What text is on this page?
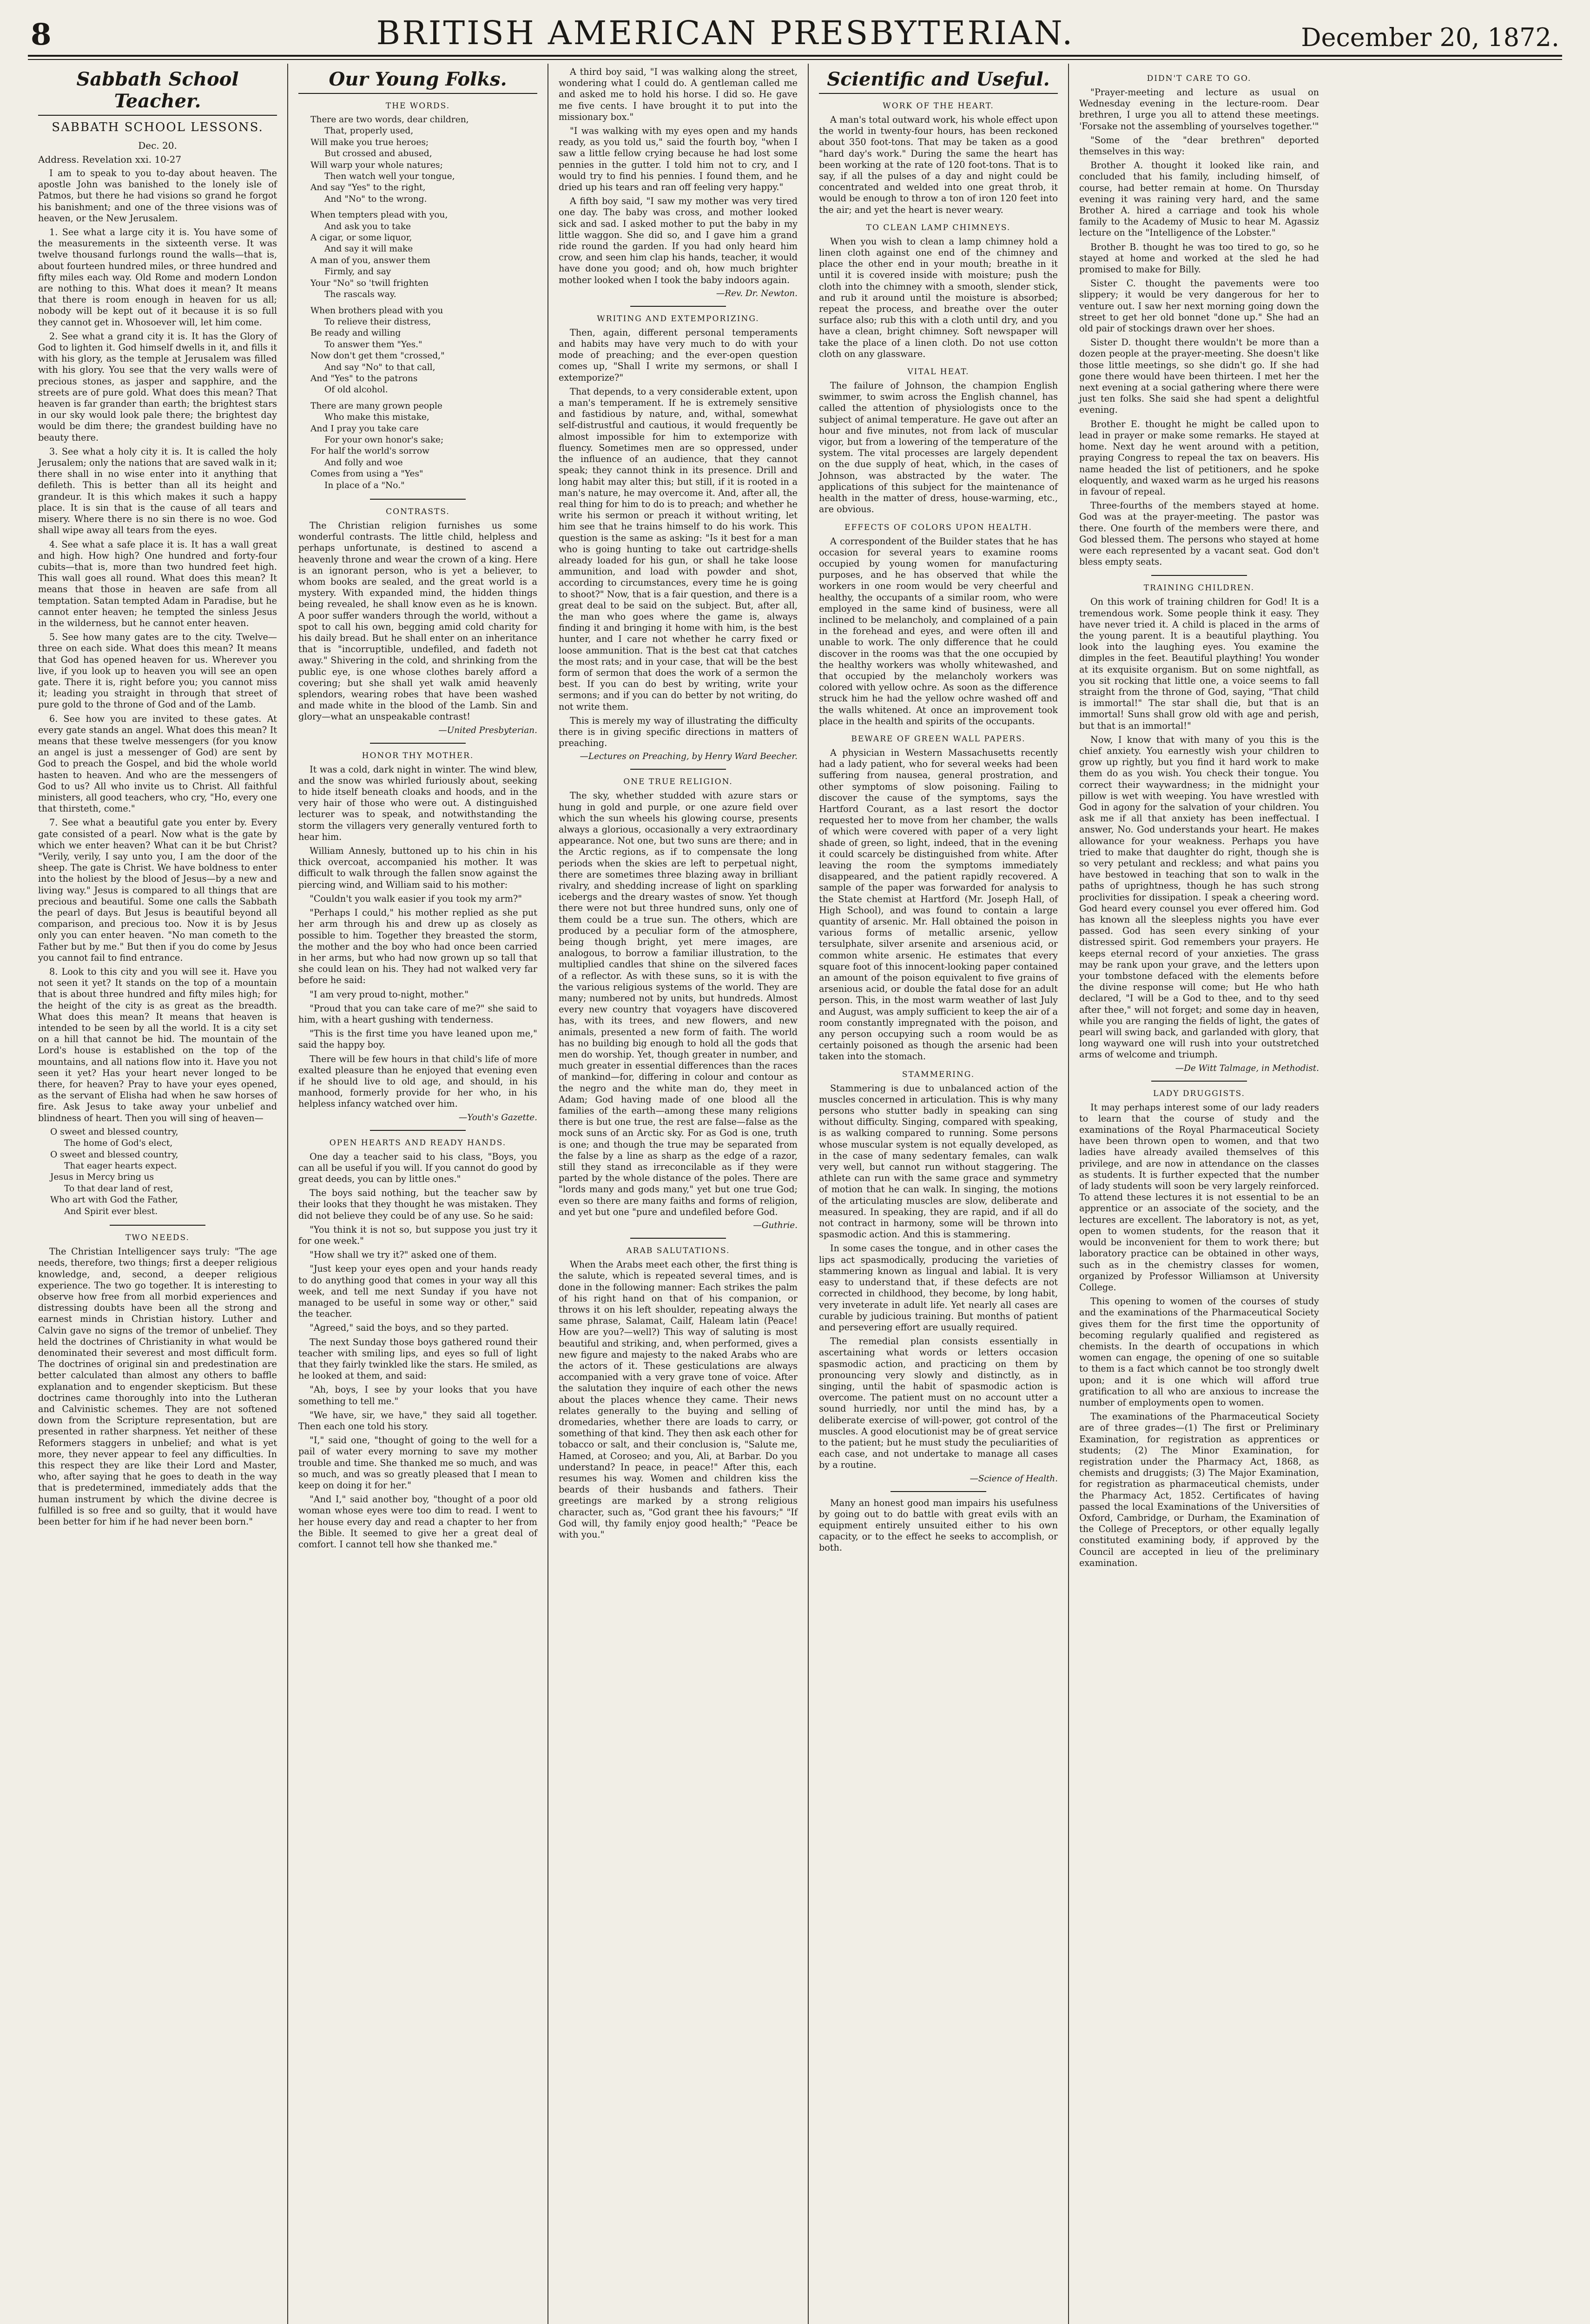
8	BRITISH AMERICAN PRESBYTERIAN.	December 20, 1872.
Sabbath School Teacher.
SABBATH SCHOOL LESSONS.
Dec. 20.
Address. Revelation xxi. 10-27

I am to speak to you to-day about heaven. The apostle John was banished to the lonely isle of Patmos, but there he had visions so grand he forgot his banishment; and one of the three visions was of heaven, or the New Jerusalem.

1. See what a large city it is. You have some of the measurements in the sixteenth verse. It was twelve thousand furlongs round the walls—that is, about fourteen hundred miles, or three hundred and fifty miles each way. Old Rome and modern London are nothing to this. What does it mean? It means that there is room enough in heaven for us all; nobody will be kept out of it because it is so full they cannot get in. Whosoever will, let him come.

2. See what a grand city it is. It has the Glory of God to lighten it. God himself dwells in it, and fills it with his glory, as the temple at Jerusalem was filled with his glory. You see that the very walls were of precious stones, as jasper and sapphire, and the streets are of pure gold. What does this mean? That heaven is far grander than earth; the brightest stars in our sky would look pale there; the brightest day would be dim there; the grandest building have no beauty there.

3. See what a holy city it is. It is called the holy Jerusalem; only the nations that are saved walk in it; there shall in no wise enter into it anything that defileth. This is better than all its height and grandeur. It is this which makes it such a happy place. It is sin that is the cause of all tears and misery. Where there is no sin there is no woe. God shall wipe away all tears from the eyes.

4. See what a safe place it is. It has a wall great and high. How high? One hundred and forty-four cubits—that is, more than two hundred feet high. This wall goes all round. What does this mean? It means that those in heaven are safe from all temptation. Satan tempted Adam in Paradise, but he cannot enter heaven; he tempted the sinless Jesus in the wilderness, but he cannot enter heaven.

5. See how many gates are to the city. Twelve—three on each side. What does this mean? It means that God has opened heaven for us. Wherever you live, if you look up to heaven you will see an open gate. There it is, right before you; you cannot miss it; leading you straight in through that street of pure gold to the throne of God and of the Lamb.

6. See how you are invited to these gates. At every gate stands an angel. What does this mean? It means that these twelve messengers (for you know an angel is just a messenger of God) are sent by God to preach the Gospel, and bid the whole world hasten to heaven. And who are the messengers of God to us? All who invite us to Christ. All faithful ministers, all good teachers, who cry, "Ho, every one that thirsteth, come."

7. See what a beautiful gate you enter by. Every gate consisted of a pearl. Now what is the gate by which we enter heaven? What can it be but Christ? "Verily, verily, I say unto you, I am the door of the sheep. The gate is Christ. We have boldness to enter into the holiest by the blood of Jesus—by a new and living way." Jesus is compared to all things that are precious and beautiful. Some one calls the Sabbath the pearl of days. But Jesus is beautiful beyond all comparison, and precious too. Now it is by Jesus only you can enter heaven. "No man cometh to the Father but by me." But then if you do come by Jesus you cannot fail to find entrance.

8. Look to this city and you will see it. Have you not seen it yet? It stands on the top of a mountain that is about three hundred and fifty miles high; for the height of the city is as great as the breadth. What does this mean? It means that heaven is intended to be seen by all the world. It is a city set on a hill that cannot be hid. The mountain of the Lord's house is established on the top of the mountains, and all nations flow into it. Have you not seen it yet? Has your heart never longed to be there, for heaven? Pray to have your eyes opened, as the servant of Elisha had when he saw horses of fire. Ask Jesus to take away your unbelief and blindness of heart. Then you will sing of heaven—

O sweet and blessed country,
The home of God's elect,
O sweet and blessed country,
That eager hearts expect.
Jesus in Mercy bring us
To that dear land of rest,
Who art with God the Father,
And Spirit ever blest.
TWO NEEDS.

The Christian Intelligencer says truly: "The age needs, therefore, two things; first a deeper religious knowledge, and, second, a deeper religious experience. The two go together. It is interesting to observe how free from all morbid experiences and distressing doubts have been all the strong and earnest minds in Christian history. Luther and Calvin gave no signs of the tremor of unbelief. They held the doctrines of Christianity in what would be denominated their severest and most difficult form. The doctrines of original sin and predestination are better calculated than almost any others to baffle explanation and to engender skepticism. But these doctrines came thoroughly into into the Lutheran and Calvinistic schemes. They are not softened down from the Scripture representation, but are presented in rather sharpness. Yet neither of these Reformers staggers in unbelief; and what is yet more, they never appear to feel any difficulties. In this respect they are like their Lord and Master, who, after saying that he goes to death in the way that is predetermined, immediately adds that the human instrument by which the divine decree is fulfilled is so free and so guilty, that it would have been better for him if he had never been born."

Our Young Folks.
THE WORDS.
There are two words, dear children,
That, properly used,
Will make you true heroes;
But crossed and abused,
Will warp your whole natures;
Then watch well your tongue,
And say "Yes" to the right,
And "No" to the wrong.
When tempters plead with you,
And ask you to take
A cigar, or some liquor,
And say it will make
A man of you, answer them
Firmly, and say
Your "No" so 'twill frighten
The rascals way.
When brothers plead with you
To relieve their distress,
Be ready and willing
To answer them "Yes."
Now don't get them "crossed,"
And say "No" to that call,
And "Yes" to the patrons
Of old alcohol.
There are many grown people
Who make this mistake,
And I pray you take care
For your own honor's sake;
For half the world's sorrow
And folly and woe
Comes from using a "Yes"
In place of a "No."
CONTRASTS.

The Christian religion furnishes us some wonderful contrasts. The little child, helpless and perhaps unfortunate, is destined to ascend a heavenly throne and wear the crown of a king. Here is an ignorant person, who is yet a believer, to whom books are sealed, and the great world is a mystery. With expanded mind, the hidden things being revealed, he shall know even as he is known. A poor suffer wanders through the world, without a spot to call his own, begging amid cold charity for his daily bread. But he shall enter on an inheritance that is "incorruptible, undefiled, and fadeth not away." Shivering in the cold, and shrinking from the public eye, is one whose clothes barely afford a covering; but she shall yet walk amid heavenly splendors, wearing robes that have been washed and made white in the blood of the Lamb. Sin and glory—what an unspeakable contrast!

—United Presbyterian.
HONOR THY MOTHER.

It was a cold, dark night in winter. The wind blew, and the snow was whirled furiously about, seeking to hide itself beneath cloaks and hoods, and in the very hair of those who were out. A distinguished lecturer was to speak, and notwithstanding the storm the villagers very generally ventured forth to hear him.

William Annesly, buttoned up to his chin in his thick overcoat, accompanied his mother. It was difficult to walk through the fallen snow against the piercing wind, and William said to his mother:

"Couldn't you walk easier if you took my arm?"

"Perhaps I could," his mother replied as she put her arm through his and drew up as closely as possible to him. Together they breasted the storm, the mother and the boy who had once been carried in her arms, but who had now grown up so tall that she could lean on his. They had not walked very far before he said:

"I am very proud to-night, mother."

"Proud that you can take care of me?" she said to him, with a heart gushing with tenderness.

"This is the first time you have leaned upon me," said the happy boy.

There will be few hours in that child's life of more exalted pleasure than he enjoyed that evening even if he should live to old age, and should, in his manhood, formerly provide for her who, in his helpless infancy watched over him.

—Youth's Gazette.
OPEN HEARTS AND READY HANDS.

One day a teacher said to his class, "Boys, you can all be useful if you will. If you cannot do good by great deeds, you can by little ones."

The boys said nothing, but the teacher saw by their looks that they thought he was mistaken. They did not believe they could be of any use. So he said:

"You think it is not so, but suppose you just try it for one week."

"How shall we try it?" asked one of them.

"Just keep your eyes open and your hands ready to do anything good that comes in your way all this week, and tell me next Sunday if you have not managed to be useful in some way or other," said the teacher.

"Agreed," said the boys, and so they parted.

The next Sunday those boys gathered round their teacher with smiling lips, and eyes so full of light that they fairly twinkled like the stars. He smiled, as he looked at them, and said:

"Ah, boys, I see by your looks that you have something to tell me."

"We have, sir, we have," they said all together. Then each one told his story.

"I," said one, "thought of going to the well for a pail of water every morning to save my mother trouble and time. She thanked me so much, and was so much, and was so greatly pleased that I mean to keep on doing it for her."

"And I," said another boy, "thought of a poor old woman whose eyes were too dim to read. I went to her house every day and read a chapter to her from the Bible. It seemed to give her a great deal of comfort. I cannot tell how she thanked me."

A third boy said, "I was walking along the street, wondering what I could do. A gentleman called me and asked me to hold his horse. I did so. He gave me five cents. I have brought it to put into the missionary box."

"I was walking with my eyes open and my hands ready, as you told us," said the fourth boy, "when I saw a little fellow crying because he had lost some pennies in the gutter. I told him not to cry, and I would try to find his pennies. I found them, and he dried up his tears and ran off feeling very happy."

A fifth boy said, "I saw my mother was very tired one day. The baby was cross, and mother looked sick and sad. I asked mother to put the baby in my little waggon. She did so, and I gave him a grand ride round the garden. If you had only heard him crow, and seen him clap his hands, teacher, it would have done you good; and oh, how much brighter mother looked when I took the baby indoors again.

—Rev. Dr. Newton.
WRITING AND EXTEMPORIZING.

Then, again, different personal temperaments and habits may have very much to do with your mode of preaching; and the ever-open question comes up, "Shall I write my sermons, or shall I extemporize?"

That depends, to a very considerable extent, upon a man's temperament. If he is extremely sensitive and fastidious by nature, and, withal, somewhat self-distrustful and cautious, it would frequently be almost impossible for him to extemporize with fluency. Sometimes men are so oppressed, under the influence of an audience, that they cannot speak; they cannot think in its presence. Drill and long habit may alter this; but still, if it is rooted in a man's nature, he may overcome it. And, after all, the real thing for him to do is to preach; and whether he write his sermon or preach it without writing, let him see that he trains himself to do his work. This question is the same as asking: "Is it best for a man who is going hunting to take out cartridge-shells already loaded for his gun, or shall he take loose ammunition, and load with powder and shot, according to circumstances, every time he is going to shoot?" Now, that is a fair question, and there is a great deal to be said on the subject. But, after all, the man who goes where the game is, always finding it and bringing it home with him, is the best hunter, and I care not whether he carry fixed or loose ammunition. That is the best cat that catches the most rats; and in your case, that will be the best form of sermon that does the work of a sermon the best. If you can do best by writing, write your sermons; and if you can do better by not writing, do not write them.

This is merely my way of illustrating the difficulty there is in giving specific directions in matters of preaching.

—Lectures on Preaching, by Henry Ward Beecher.
ONE TRUE RELIGION.

The sky, whether studded with azure stars or hung in gold and purple, or one azure field over which the sun wheels his glowing course, presents always a glorious, occasionally a very extraordinary appearance. Not one, but two suns are there; and in the Arctic regions, as if to compensate the long periods when the skies are left to perpetual night, there are sometimes three blazing away in brilliant rivalry, and shedding increase of light on sparkling icebergs and the dreary wastes of snow. Yet though there were not but three hundred suns, only one of them could be a true sun. The others, which are produced by a peculiar form of the atmosphere, being though bright, yet mere images, are analogous, to borrow a familiar illustration, to the multiplied candles that shine on the silvered faces of a reflector. As with these suns, so it is with the the various religious systems of the world. They are many; numbered not by units, but hundreds. Almost every new country that voyagers have discovered has, with its trees, and new flowers, and new animals, presented a new form of faith. The world has no building big enough to hold all the gods that men do worship. Yet, though greater in number, and much greater in essential differences than the races of mankind—for, differing in colour and contour as the negro and the white man do, they meet in Adam; God having made of one blood all the families of the earth—among these many religions there is but one true, the rest are false—false as the mock suns of an Arctic sky. For as God is one, truth is one; and though the true may be separated from the false by a line as sharp as the edge of a razor, still they stand as irreconcilable as if they were parted by the whole distance of the poles. There are "lords many and gods many," yet but one true God; even so there are many faiths and forms of religion, and yet but one "pure and undefiled before God.

—Guthrie.
ARAB SALUTATIONS.

When the Arabs meet each other, the first thing is the salute, which is repeated several times, and is done in the following manner: Each strikes the palm of his right hand on that of his companion, or throws it on his left shoulder, repeating always the same phrase, Salamat, Cailf, Haleam latin (Peace! How are you?—well?) This way of saluting is most beautiful and striking, and, when performed, gives a new figure and majesty to the naked Arabs who are the actors of it. These gesticulations are always accompanied with a very grave tone of voice. After the salutation they inquire of each other the news about the places whence they came. Their news relates generally to the buying and selling of dromedaries, whether there are loads to carry, or something of that kind. They then ask each other for tobacco or salt, and their conclusion is, "Salute me, Hamed, at Coroseo; and you, Ali, at Barbar. Do you understand? In peace, in peace!" After this, each resumes his way. Women and children kiss the beards of their husbands and fathers. Their greetings are marked by a strong religious character, such as, "God grant thee his favours;" "If God will, thy family enjoy good health;" "Peace be with you."

Scientific and Useful.
WORK OF THE HEART.

A man's total outward work, his whole effect upon the world in twenty-four hours, has been reckoned about 350 foot-tons. That may be taken as a good "hard day's work." During the same the heart has been working at the rate of 120 foot-tons. That is to say, if all the pulses of a day and night could be concentrated and welded into one great throb, it would be enough to throw a ton of iron 120 feet into the air; and yet the heart is never weary.

TO CLEAN LAMP CHIMNEYS.

When you wish to clean a lamp chimney hold a linen cloth against one end of the chimney and place the other end in your mouth; breathe in it until it is covered inside with moisture; push the cloth into the chimney with a smooth, slender stick, and rub it around until the moisture is absorbed; repeat the process, and breathe over the outer surface also; rub this with a cloth until dry, and you have a clean, bright chimney. Soft newspaper will take the place of a linen cloth. Do not use cotton cloth on any glassware.

VITAL HEAT.

The failure of Johnson, the champion English swimmer, to swim across the English channel, has called the attention of physiologists once to the subject of animal temperature. He gave out after an hour and five minutes, not from lack of muscular vigor, but from a lowering of the temperature of the system. The vital processes are largely dependent on the due supply of heat, which, in the cases of Johnson, was abstracted by the water. The applications of this subject for the maintenance of health in the matter of dress, house-warming, etc., are obvious.

EFFECTS OF COLORS UPON HEALTH.

A correspondent of the Builder states that he has occasion for several years to examine rooms occupied by young women for manufacturing purposes, and he has observed that while the workers in one room would be very cheerful and healthy, the occupants of a similar room, who were employed in the same kind of business, were all inclined to be melancholy, and complained of a pain in the forehead and eyes, and were often ill and unable to work. The only difference that he could discover in the rooms was that the one occupied by the healthy workers was wholly whitewashed, and that occupied by the melancholy workers was colored with yellow ochre. As soon as the difference struck him he had the yellow ochre washed off and the walls whitened. At once an improvement took place in the health and spirits of the occupants.

BEWARE OF GREEN WALL PAPERS.

A physician in Western Massachusetts recently had a lady patient, who for several weeks had been suffering from nausea, general prostration, and other symptoms of slow poisoning. Failing to discover the cause of the symptoms, says the Hartford Courant, as a last resort the doctor requested her to move from her chamber, the walls of which were covered with paper of a very light shade of green, so light, indeed, that in the evening it could scarcely be distinguished from white. After leaving the room the symptoms immediately disappeared, and the patient rapidly recovered. A sample of the paper was forwarded for analysis to the State chemist at Hartford (Mr. Joseph Hall, of High School), and was found to contain a large quantity of arsenic. Mr. Hall obtained the poison in various forms of metallic arsenic, yellow tersulphate, silver arsenite and arsenious acid, or common white arsenic. He estimates that every square foot of this innocent-looking paper contained an amount of the poison equivalent to five grains of arsenious acid, or double the fatal dose for an adult person. This, in the most warm weather of last July and August, was amply sufficient to keep the air of a room constantly impregnated with the poison, and any person occupying such a room would be as certainly poisoned as though the arsenic had been taken into the stomach.

STAMMERING.

Stammering is due to unbalanced action of the muscles concerned in articulation. This is why many persons who stutter badly in speaking can sing without difficulty. Singing, compared with speaking, is as walking compared to running. Some persons whose muscular system is not equally developed, as in the case of many sedentary females, can walk very well, but cannot run without staggering. The athlete can run with the same grace and symmetry of motion that he can walk. In singing, the motions of the articulating muscles are slow, deliberate and measured. In speaking, they are rapid, and if all do not contract in harmony, some will be thrown into spasmodic action. And this is stammering.

In some cases the tongue, and in other cases the lips act spasmodically, producing the varieties of stammering known as lingual and labial. It is very easy to understand that, if these defects are not corrected in childhood, they become, by long habit, very inveterate in adult life. Yet nearly all cases are curable by judicious training. But months of patient and persevering effort are usually required.

The remedial plan consists essentially in ascertaining what words or letters occasion spasmodic action, and practicing on them by pronouncing very slowly and distinctly, as in singing, until the habit of spasmodic action is overcome. The patient must on no account utter a sound hurriedly, nor until the mind has, by a deliberate exercise of will-power, got control of the muscles. A good elocutionist may be of great service to the patient; but he must study the peculiarities of each case, and not undertake to manage all cases by a routine.

—Science of Health.

Many an honest good man impairs his usefulness by going out to do battle with great evils with an equipment entirely unsuited either to his own capacity, or to the effect he seeks to accomplish, or both.

DIDN'T CARE TO GO.

"Prayer-meeting and lecture as usual on Wednesday evening in the lecture-room. Dear brethren, I urge you all to attend these meetings. 'Forsake not the assembling of yourselves together.'"

"Some of the "dear brethren" deported themselves in this way:

Brother A. thought it looked like rain, and concluded that his family, including himself, of course, had better remain at home. On Thursday evening it was raining very hard, and the same Brother A. hired a carriage and took his whole family to the Academy of Music to hear M. Agassiz lecture on the "Intelligence of the Lobster."

Brother B. thought he was too tired to go, so he stayed at home and worked at the sled he had promised to make for Billy.

Sister C. thought the pavements were too slippery; it would be very dangerous for her to venture out. I saw her next morning going down the street to get her old bonnet "done up." She had an old pair of stockings drawn over her shoes.

Sister D. thought there wouldn't be more than a dozen people at the prayer-meeting. She doesn't like those little meetings, so she didn't go. If she had gone there would have been thirteen. I met her the next evening at a social gathering where there were just ten folks. She said she had spent a delightful evening.

Brother E. thought he might be called upon to lead in prayer or make some remarks. He stayed at home. Next day he went around with a petition, praying Congress to repeal the tax on beavers. His name headed the list of petitioners, and he spoke eloquently, and waxed warm as he urged his reasons in favour of repeal.

Three-fourths of the members stayed at home. God was at the prayer-meeting. The pastor was there. One fourth of the members were there, and God blessed them. The persons who stayed at home were each represented by a vacant seat. God don't bless empty seats.

TRAINING CHILDREN.

On this work of training children for God! It is a tremendous work. Some people think it easy. They have never tried it. A child is placed in the arms of the young parent. It is a beautiful plaything. You look into the laughing eyes. You examine the dimples in the feet. Beautiful plaything! You wonder at its exquisite organism. But on some nightfall, as you sit rocking that little one, a voice seems to fall straight from the throne of God, saying, "That child is immortal!" The star shall die, but that is an immortal! Suns shall grow old with age and perish, but that is an immortal!"

Now, I know that with many of you this is the chief anxiety. You earnestly wish your children to grow up rightly, but you find it hard work to make them do as you wish. You check their tongue. You correct their waywardness; in the midnight your pillow is wet with weeping. You have wrestled with God in agony for the salvation of your children. You ask me if all that anxiety has been ineffectual. I answer, No. God understands your heart. He makes allowance for your weakness. Perhaps you have tried to make that daughter do right, though she is so very petulant and reckless; and what pains you have bestowed in teaching that son to walk in the paths of uprightness, though he has such strong proclivities for dissipation. I speak a cheering word. God heard every counsel you ever offered him. God has known all the sleepless nights you have ever passed. God has seen every sinking of your distressed spirit. God remembers your prayers. He keeps eternal record of your anxieties. The grass may be rank upon your grave, and the letters upon your tombstone defaced with the elements before the divine response will come; but He who hath declared, "I will be a God to thee, and to thy seed after thee," will not forget; and some day in heaven, while you are ranging the fields of light, the gates of pearl will swing back, and garlanded with glory, that long wayward one will rush into your outstretched arms of welcome and triumph.

—De Witt Talmage, in Methodist.
LADY DRUGGISTS.

It may perhaps interest some of our lady readers to learn that the course of study and the examinations of the Royal Pharmaceutical Society have been thrown open to women, and that two ladies have already availed themselves of this privilege, and are now in attendance on the classes as students. It is further expected that the number of lady students will soon be very largely reinforced. To attend these lectures it is not essential to be an apprentice or an associate of the society, and the lectures are excellent. The laboratory is not, as yet, open to women students, for the reason that it would be inconvenient for them to work there; but laboratory practice can be obtained in other ways, such as in the chemistry classes for women, organized by Professor Williamson at University College.

This opening to women of the courses of study and the examinations of the Pharmaceutical Society gives them for the first time the opportunity of becoming regularly qualified and registered as chemists. In the dearth of occupations in which women can engage, the opening of one so suitable to them is a fact which cannot be too strongly dwelt upon; and it is one which will afford true gratification to all who are anxious to increase the number of employments open to women.

The examinations of the Pharmaceutical Society are of three grades—(1) The first or Preliminary Examination, for registration as apprentices or students; (2) The Minor Examination, for registration under the Pharmacy Act, 1868, as chemists and druggists; (3) The Major Examination, for registration as pharmaceutical chemists, under the Pharmacy Act, 1852. Certificates of having passed the local Examinations of the Universities of Oxford, Cambridge, or Durham, the Examination of the College of Preceptors, or other equally legally constituted examining body, if approved by the Council are accepted in lieu of the preliminary examination.
